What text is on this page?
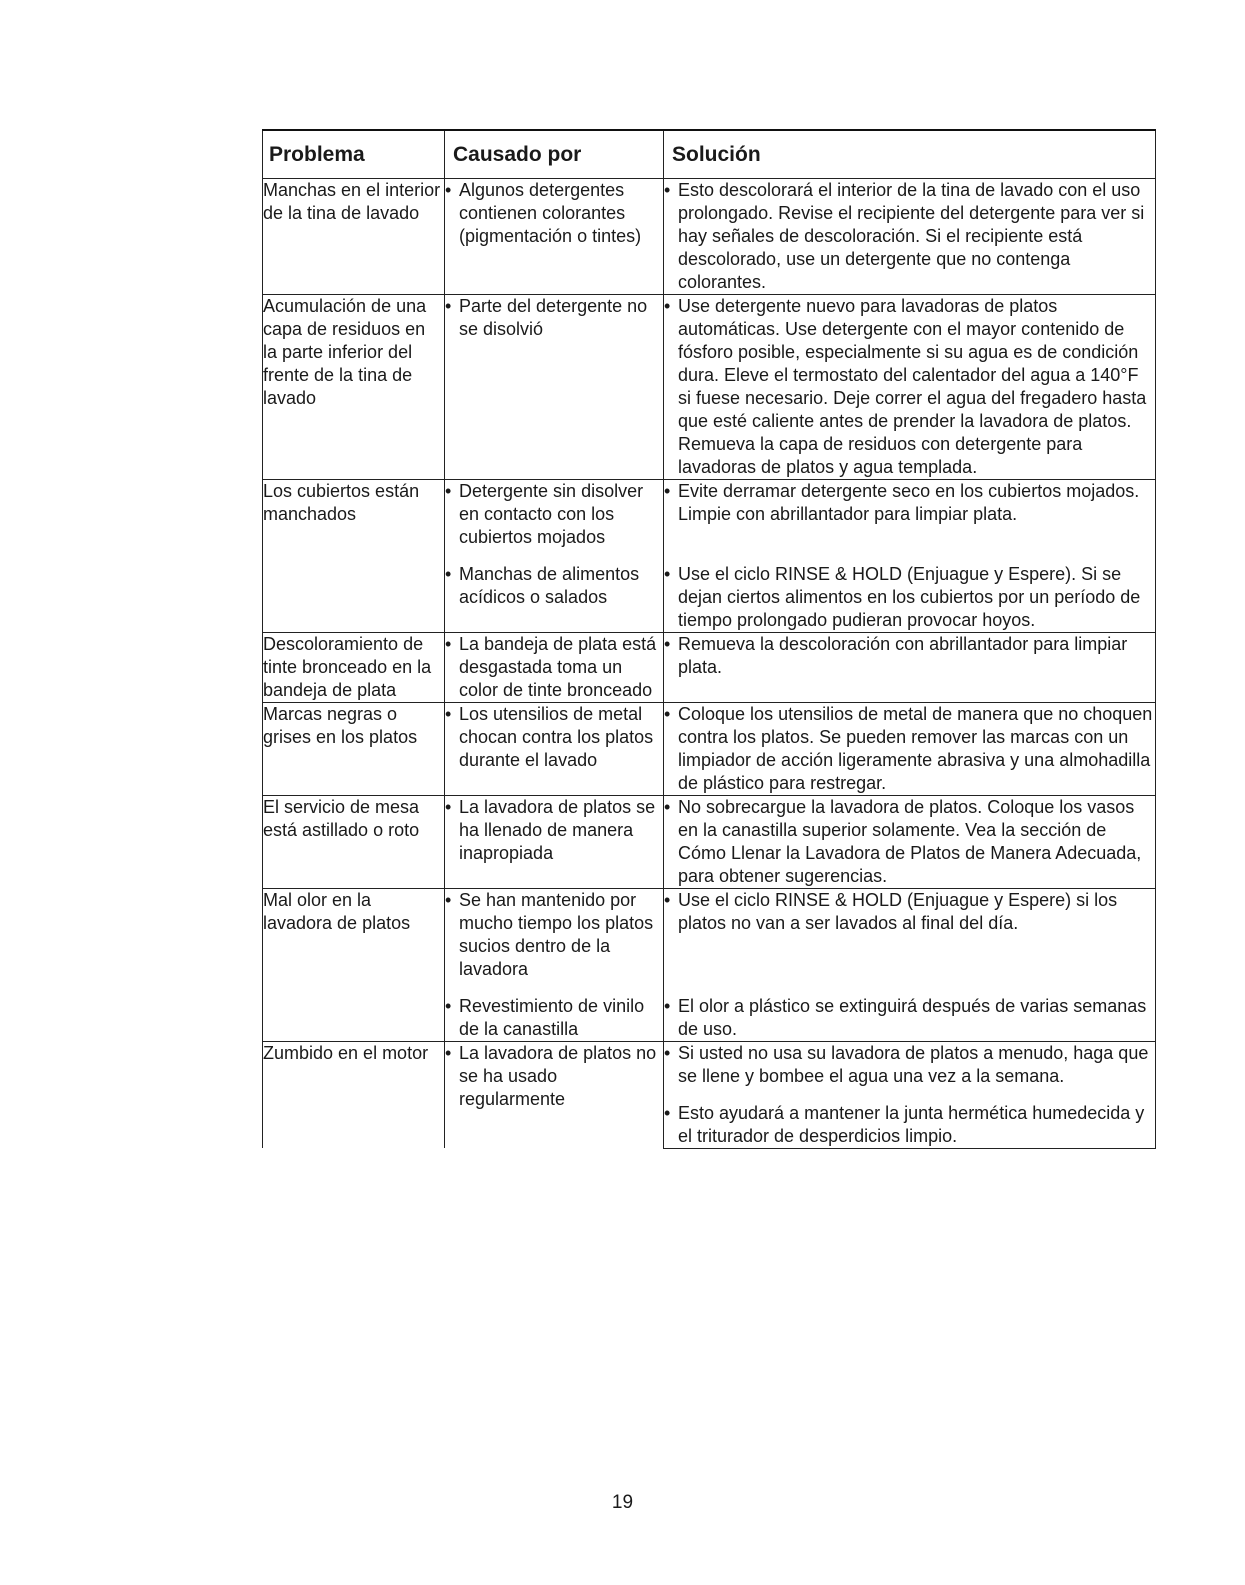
Problema	Causado por	Solución
Manchas en el interior de la tina de lavado	• Algunos detergentes contienen colorantes (pigmentación o tintes)	• Esto descolorará el interior de la tina de lavado con el uso prolongado. Revise el recipiente del detergente para ver si hay señales de descoloración. Si el recipiente está descolorado, use un detergente que no contenga colorantes.

Acumulación de una capa de residuos en la parte inferior del frente de la tina de lavado	• Parte del detergente no se disolvió	• Use detergente nuevo para lavadoras de platos automáticas. Use detergente con el mayor contenido de fósforo posible, especialmente si su agua es de condición dura. Eleve el termostato del calentador del agua a 140°F si fuese necesario. Deje correr el agua del fregadero hasta que esté caliente antes de prender la lavadora de platos. Remueva la capa de residuos con detergente para lavadoras de platos y agua templada.

Los cubiertos están manchados	• Detergente sin disolver en contacto con los cubiertos mojados	• Evite derramar detergente seco en los cubiertos mojados. Limpie con abrillantador para limpiar plata.

	• Manchas de alimentos acídicos o salados	• Use el ciclo RINSE & HOLD (Enjuague y Espere). Si se dejan ciertos alimentos en los cubiertos por un período de tiempo prolongado pudieran provocar hoyos.

Descoloramiento de tinte bronceado en la bandeja de plata	• La bandeja de plata está desgastada toma un color de tinte bronceado	• Remueva la descoloración con abrillantador para limpiar plata.

Marcas negras o grises en los platos	• Los utensilios de metal chocan contra los platos durante el lavado	• Coloque los utensilios de metal de manera que no choquen contra los platos. Se pueden remover las marcas con un limpiador de acción ligeramente abrasiva y una almohadilla de plástico para restregar.

El servicio de mesa está astillado o roto	• La lavadora de platos se ha llenado de manera inapropiada	• No sobrecargue la lavadora de platos. Coloque los vasos en la canastilla superior solamente. Vea la sección de Cómo Llenar la Lavadora de Platos de Manera Adecuada, para obtener sugerencias.

Mal olor en la lavadora de platos	• Se han mantenido por mucho tiempo los platos sucios dentro de la lavadora	• Use el ciclo RINSE & HOLD (Enjuague y Espere) si los platos no van a ser lavados al final del día.

	• Revestimiento de vinilo de la canastilla	• El olor a plástico se extinguirá después de varias semanas de uso.

Zumbido en el motor	• La lavadora de platos no se ha usado regularmente	• Si usted no usa su lavadora de platos a menudo, haga que se llene y bombee el agua una vez a la semana.

		• Esto ayudará a mantener la junta hermética humedecida y el triturador de desperdicios limpio.
19
